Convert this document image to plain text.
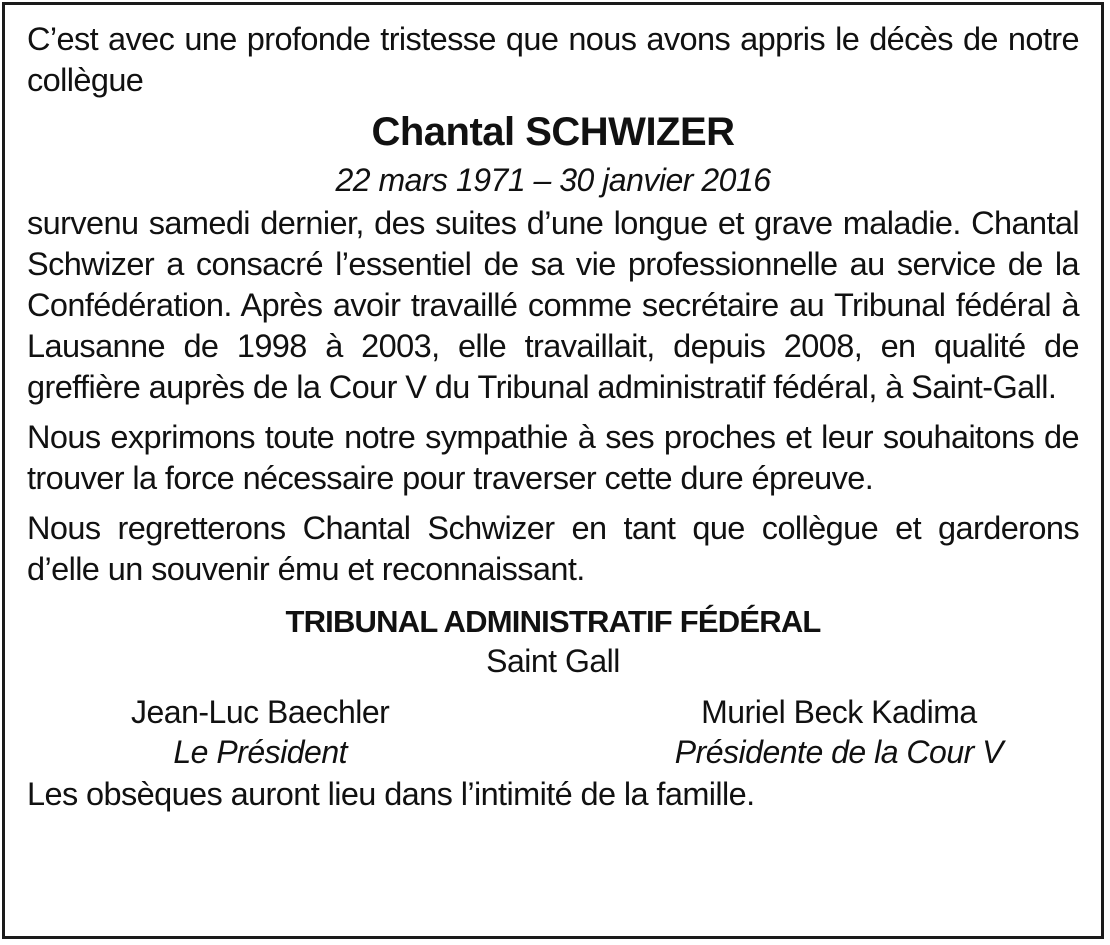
C’est avec une profonde tristesse que nous avons appris le décès de notre collègue

Chantal SCHWIZER
22 mars 1971 – 30 janvier 2016

survenu samedi dernier, des suites d’une longue et grave maladie. Chantal Schwizer a consacré l’essentiel de sa vie professionnelle au service de la Confédération. Après avoir travaillé comme secrétaire au Tribunal fédéral à Lausanne de 1998 à 2003, elle travaillait, depuis 2008, en qualité de greffière auprès de la Cour V du Tribunal administratif fédéral, à Saint-Gall.

Nous exprimons toute notre sympathie à ses proches et leur souhaitons de trouver la force nécessaire pour traverser cette dure épreuve.

Nous regretterons Chantal Schwizer en tant que collègue et garderons d’elle un souvenir ému et reconnaissant.

TRIBUNAL ADMINISTRATIF FÉDÉRAL
Saint Gall
Jean-Luc Baechler
Le Président
Muriel Beck Kadima
Présidente de la Cour V
Les obsèques auront lieu dans l’intimité de la famille.
